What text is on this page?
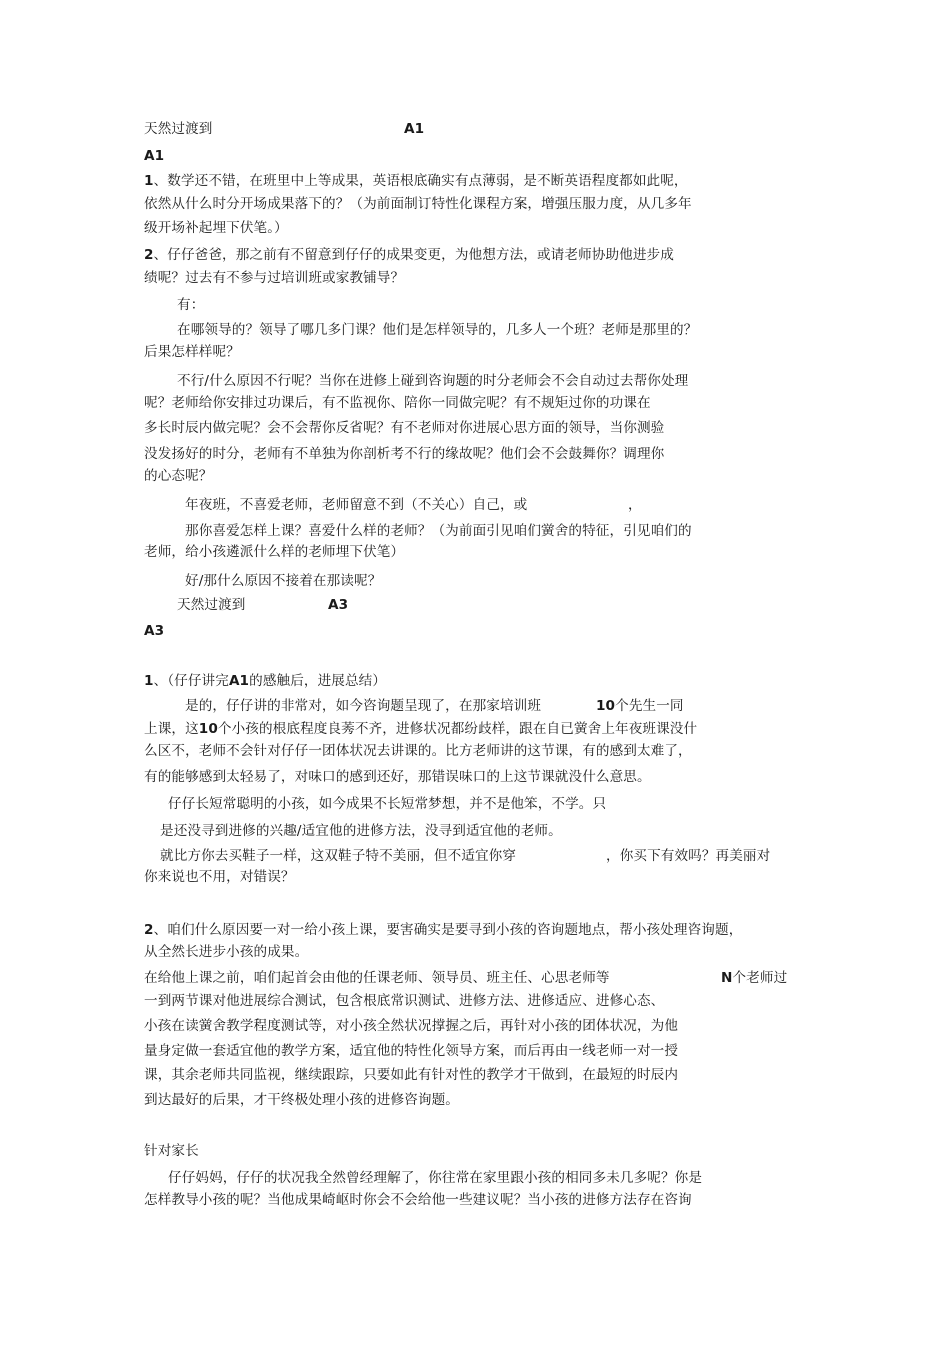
天然过渡到	A1
A1
1、数学还不错，在班里中上等成果，英语根底确实有点薄弱，是不断英语程度都如此呢，
依然从什么时分开场成果落下的？（为前面制订特性化课程方案，增强压服力度，从几多年
级开场补起埋下伏笔。）
2、仔仔爸爸，那之前有不留意到仔仔的成果变更，为他想方法，或请老师协助他进步成
绩呢？过去有不参与过培训班或家教铺导？
有：
在哪领导的？领导了哪几多门课？他们是怎样领导的，几多人一个班？老师是那里的？
后果怎样样呢？
不行/什么原因不行呢？当你在进修上碰到咨询题的时分老师会不会自动过去帮你处理
呢？老师给你安排过功课后，有不监视你、陪你一同做完呢？有不规矩过你的功课在
多长时辰内做完呢？会不会帮你反省呢？有不老师对你进展心思方面的领导，当你测验
没发扬好的时分，老师有不单独为你剖析考不行的缘故呢？他们会不会鼓舞你？调理你
的心态呢？
年夜班，不喜爱老师，老师留意不到（不关心）自己，或	，
那你喜爱怎样上课？喜爱什么样的老师？（为前面引见咱们黉舍的特征，引见咱们的
老师，给小孩遴派什么样的老师埋下伏笔）
好/那什么原因不接着在那读呢？
天然过渡到	A3
A3
1、（仔仔讲完A1的感触后，进展总结）
是的，仔仔讲的非常对，如今咨询题呈现了，在那家培训班	10个先生一同
上课，这10个小孩的根底程度良莠不齐，进修状况都纷歧样，跟在自已黉舍上年夜班课没什
么区不，老师不会针对仔仔一团体状况去讲课的。比方老师讲的这节课，有的感到太难了，
有的能够感到太轻易了，对味口的感到还好，那错误味口的上这节课就没什么意思。
仔仔长短常聪明的小孩，如今成果不长短常梦想，并不是他笨，不学。只
是还没寻到进修的兴趣/适宜他的进修方法，没寻到适宜他的老师。
就比方你去买鞋子一样，这双鞋子特不美丽，但不适宜你穿	，你买下有效吗？再美丽对
你来说也不用，对错误？
2、咱们什么原因要一对一给小孩上课，要害确实是要寻到小孩的咨询题地点，帮小孩处理咨询题，
从全然长进步小孩的成果。
在给他上课之前，咱们起首会由他的任课老师、领导员、班主任、心思老师等	N个老师过
一到两节课对他进展综合测试，包含根底常识测试、进修方法、进修适应、进修心态、
小孩在读黉舍教学程度测试等，对小孩全然状况撑握之后，再针对小孩的团体状况，为他
量身定做一套适宜他的教学方案，适宜他的特性化领导方案，而后再由一线老师一对一授
课，其余老师共同监视，继续跟踪，只要如此有针对性的教学才干做到，在最短的时辰内
到达最好的后果，才干终极处理小孩的进修咨询题。
针对家长
仔仔妈妈，仔仔的状况我全然曾经理解了，你往常在家里跟小孩的相同多未几多呢？你是
怎样教导小孩的呢？当他成果崎岖时你会不会给他一些建议呢？当小孩的进修方法存在咨询
